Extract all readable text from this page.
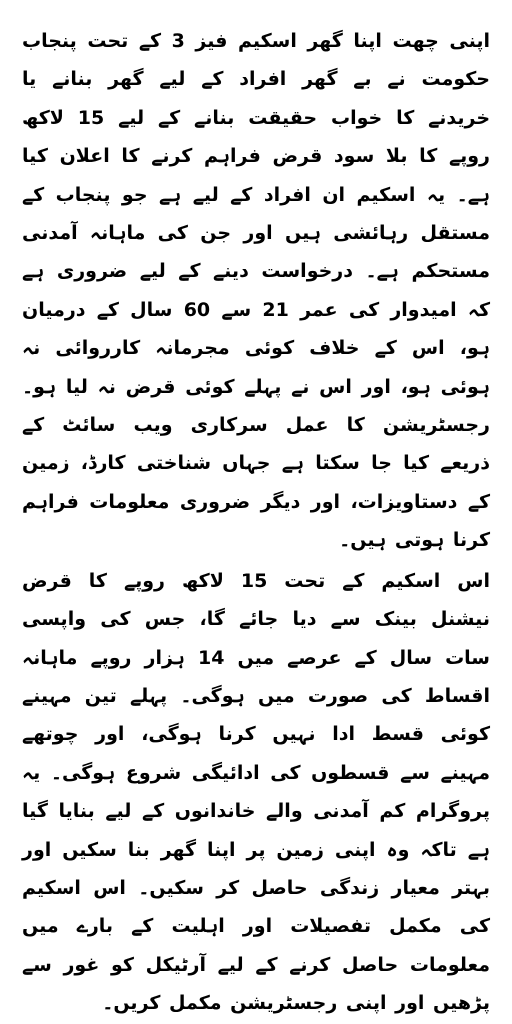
اپنی چھت اپنا گھر اسکیم فیز 3 کے تحت پنجاب حکومت نے بے گھر افراد کے لیے گھر بنانے یا خریدنے کا خواب حقیقت بنانے کے لیے 15 لاکھ روپے کا بلا سود قرض فراہم کرنے کا اعلان کیا ہے۔ یہ اسکیم ان افراد کے لیے ہے جو پنجاب کے مستقل رہائشی ہیں اور جن کی ماہانہ آمدنی مستحکم ہے۔ درخواست دینے کے لیے ضروری ہے کہ امیدوار کی عمر 21 سے 60 سال کے درمیان ہو، اس کے خلاف کوئی مجرمانہ کارروائی نہ ہوئی ہو، اور اس نے پہلے کوئی قرض نہ لیا ہو۔ رجسٹریشن کا عمل سرکاری ویب سائٹ کے ذریعے کیا جا سکتا ہے جہاں شناختی کارڈ، زمین کے دستاویزات، اور دیگر ضروری معلومات فراہم کرنا ہوتی ہیں۔

اس اسکیم کے تحت 15 لاکھ روپے کا قرض نیشنل بینک سے دیا جائے گا، جس کی واپسی سات سال کے عرصے میں 14 ہزار روپے ماہانہ اقساط کی صورت میں ہوگی۔ پہلے تین مہینے کوئی قسط ادا نہیں کرنا ہوگی، اور چوتھے مہینے سے قسطوں کی ادائیگی شروع ہوگی۔ یہ پروگرام کم آمدنی والے خاندانوں کے لیے بنایا گیا ہے تاکہ وہ اپنی زمین پر اپنا گھر بنا سکیں اور بہتر معیار زندگی حاصل کر سکیں۔ اس اسکیم کی مکمل تفصیلات اور اہلیت کے بارے میں معلومات حاصل کرنے کے لیے آرٹیکل کو غور سے پڑھیں اور اپنی رجسٹریشن مکمل کریں۔
